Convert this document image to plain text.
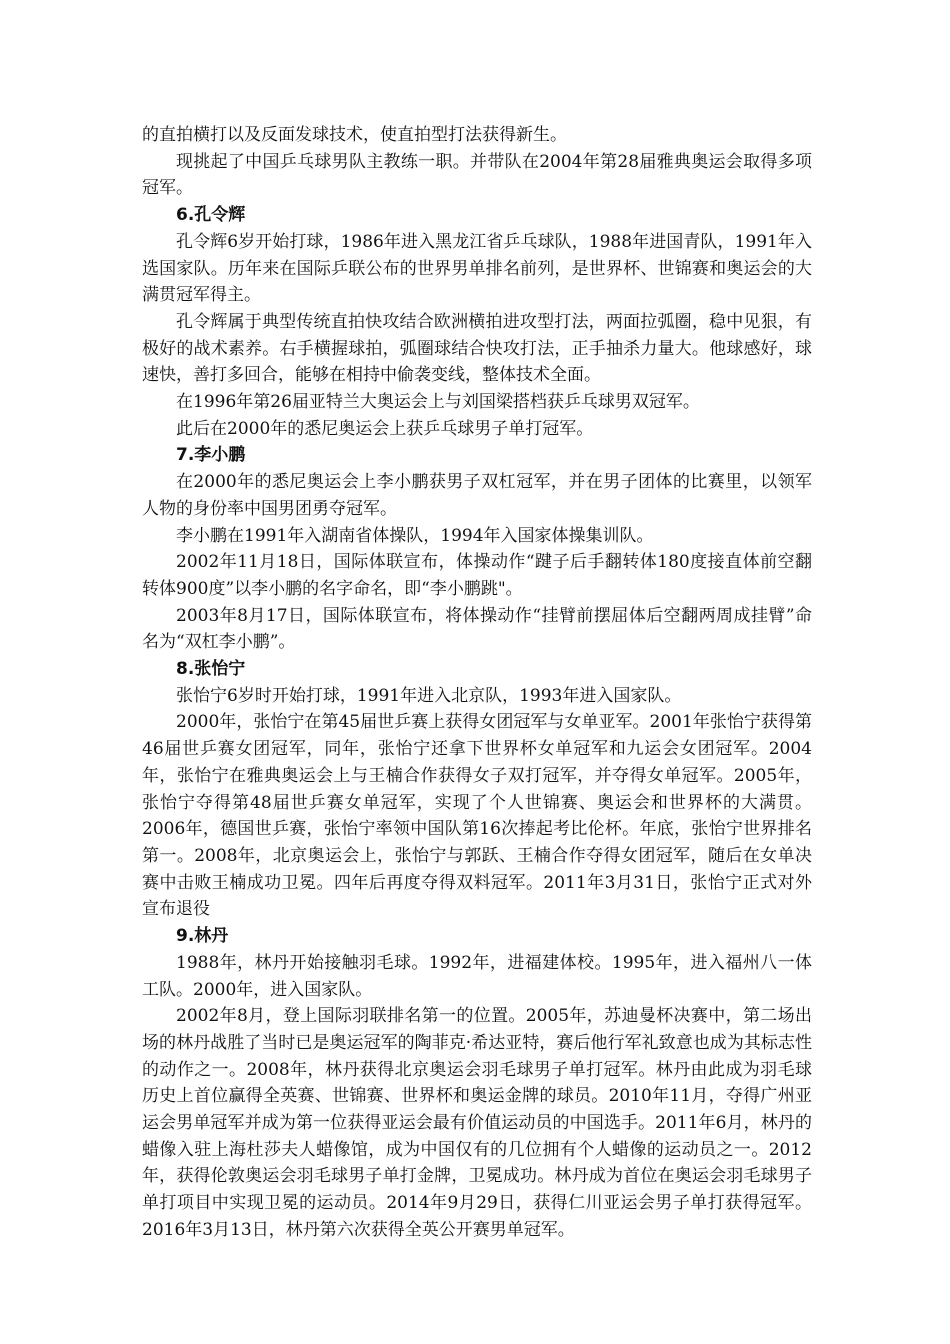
的直拍横打以及反面发球技术，使直拍型打法获得新生。

现挑起了中国乒乓球男队主教练一职。并带队在2004年第28届雅典奥运会取得多项冠军。

6.孔令辉

孔令辉6岁开始打球，1986年进入黑龙江省乒乓球队，1988年进国青队，1991年入选国家队。历年来在国际乒联公布的世界男单排名前列，是世界杯、世锦赛和奥运会的大满贯冠军得主。

孔令辉属于典型传统直拍快攻结合欧洲横拍进攻型打法，两面拉弧圈，稳中见狠，有极好的战术素养。右手横握球拍，弧圈球结合快攻打法，正手抽杀力量大。他球感好，球速快，善打多回合，能够在相持中偷袭变线，整体技术全面。

在1996年第26届亚特兰大奥运会上与刘国梁搭档获乒乓球男双冠军。

此后在2000年的悉尼奥运会上获乒乓球男子单打冠军。

7.李小鹏

在2000年的悉尼奥运会上李小鹏获男子双杠冠军，并在男子团体的比赛里，以领军人物的身份率中国男团勇夺冠军。

李小鹏在1991年入湖南省体操队，1994年入国家体操集训队。

2002年11月18日，国际体联宣布，体操动作“踺子后手翻转体180度接直体前空翻转体900度”以李小鹏的名字命名，即“李小鹏跳"。

2003年8月17日，国际体联宣布，将体操动作“挂臂前摆屈体后空翻两周成挂臂”命名为“双杠李小鹏”。

8.张怡宁

张怡宁6岁时开始打球，1991年进入北京队，1993年进入国家队。

2000年，张怡宁在第45届世乒赛上获得女团冠军与女单亚军。2001年张怡宁获得第46届世乒赛女团冠军，同年，张怡宁还拿下世界杯女单冠军和九运会女团冠军。2004年，张怡宁在雅典奥运会上与王楠合作获得女子双打冠军，并夺得女单冠军。2005年，张怡宁夺得第48届世乒赛女单冠军，实现了个人世锦赛、奥运会和世界杯的大满贯。2006年，德国世乒赛，张怡宁率领中国队第16次捧起考比伦杯。年底，张怡宁世界排名第一。2008年，北京奥运会上，张怡宁与郭跃、王楠合作夺得女团冠军，随后在女单决赛中击败王楠成功卫冕。四年后再度夺得双料冠军。2011年3月31日，张怡宁正式对外宣布退役

9.林丹

1988年，林丹开始接触羽毛球。1992年，进福建体校。1995年，进入福州八一体工队。2000年，进入国家队。

2002年8月，登上国际羽联排名第一的位置。2005年，苏迪曼杯决赛中，第二场出场的林丹战胜了当时已是奥运冠军的陶菲克·希达亚特，赛后他行军礼致意也成为其标志性的动作之一。2008年，林丹获得北京奥运会羽毛球男子单打冠军。林丹由此成为羽毛球历史上首位赢得全英赛、世锦赛、世界杯和奥运金牌的球员。2010年11月，夺得广州亚运会男单冠军并成为第一位获得亚运会最有价值运动员的中国选手。2011年6月，林丹的蜡像入驻上海杜莎夫人蜡像馆，成为中国仅有的几位拥有个人蜡像的运动员之一。2012年，获得伦敦奥运会羽毛球男子单打金牌，卫冕成功。林丹成为首位在奥运会羽毛球男子单打项目中实现卫冕的运动员。2014年9月29日，获得仁川亚运会男子单打获得冠军。2016年3月13日，林丹第六次获得全英公开赛男单冠军。
